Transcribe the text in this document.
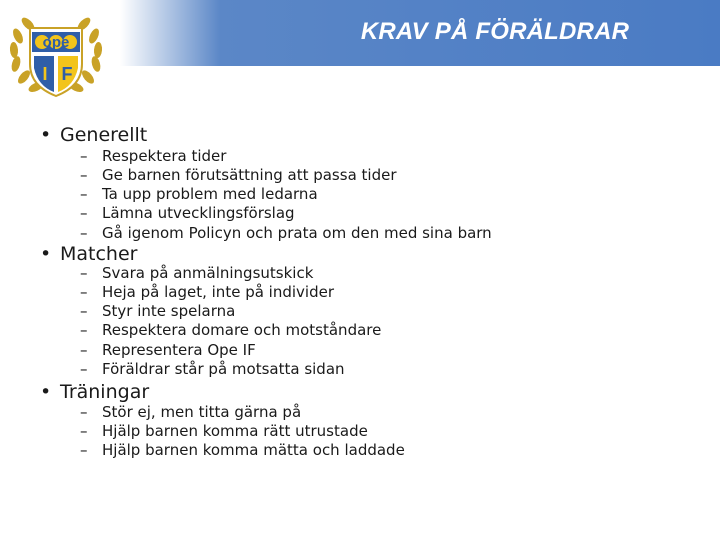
KRAV PÅ FÖRÄLDRAR
ope
I F
• Generellt
– Respektera tider
– Ge barnen förutsättning att passa tider
– Ta upp problem med ledarna
– Lämna utvecklingsförslag
– Gå igenom Policyn och prata om den med sina barn
• Matcher
– Svara på anmälningsutskick
– Heja på laget, inte på individer
– Styr inte spelarna
– Respektera domare och motståndare
– Representera Ope IF
– Föräldrar står på motsatta sidan
• Träningar
– Stör ej, men titta gärna på
– Hjälp barnen komma rätt utrustade
– Hjälp barnen komma mätta och laddade
